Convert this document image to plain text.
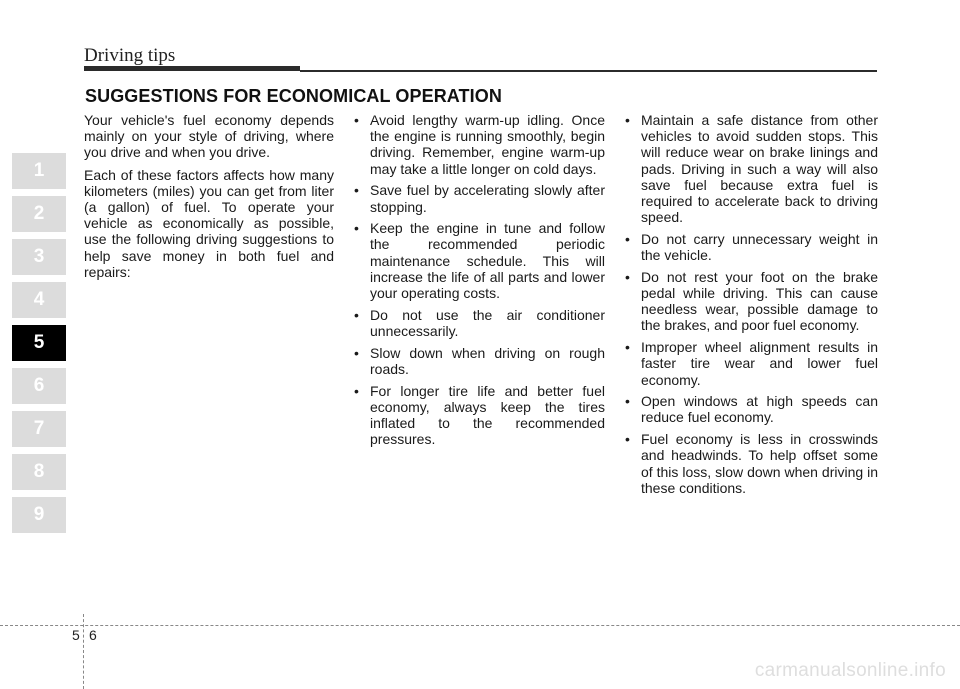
Driving tips
SUGGESTIONS FOR ECONOMICAL OPERATION

Your vehicle's fuel economy depends mainly on your style of driving, where you drive and when you drive.

Each of these factors affects how many kilometers (miles) you can get from liter (a gallon) of fuel. To operate your vehicle as economically as possible, use the following driving suggestions to help save money in both fuel and repairs:

• Avoid lengthy warm-up idling. Once the engine is running smoothly, begin driving. Remember, engine warm-up may take a little longer on cold days.
• Save fuel by accelerating slowly after stopping.
• Keep the engine in tune and follow the recommended periodic maintenance schedule. This will increase the life of all parts and lower your operating costs.
• Do not use the air conditioner unnecessarily.
• Slow down when driving on rough roads.
• For longer tire life and better fuel economy, always keep the tires inflated to the recommended pressures.
• Maintain a safe distance from other vehicles to avoid sudden stops. This will reduce wear on brake linings and pads. Driving in such a way will also save fuel because extra fuel is required to accelerate back to driving speed.
• Do not carry unnecessary weight in the vehicle.
• Do not rest your foot on the brake pedal while driving. This can cause needless wear, possible damage to the brakes, and poor fuel economy.
• Improper wheel alignment results in faster tire wear and lower fuel economy.
• Open windows at high speeds can reduce fuel economy.
• Fuel economy is less in crosswinds and headwinds. To help offset some of this loss, slow down when driving in these conditions.
1
2
3
4
5
6
7
8
9
5 6
carmanualsonline.info
